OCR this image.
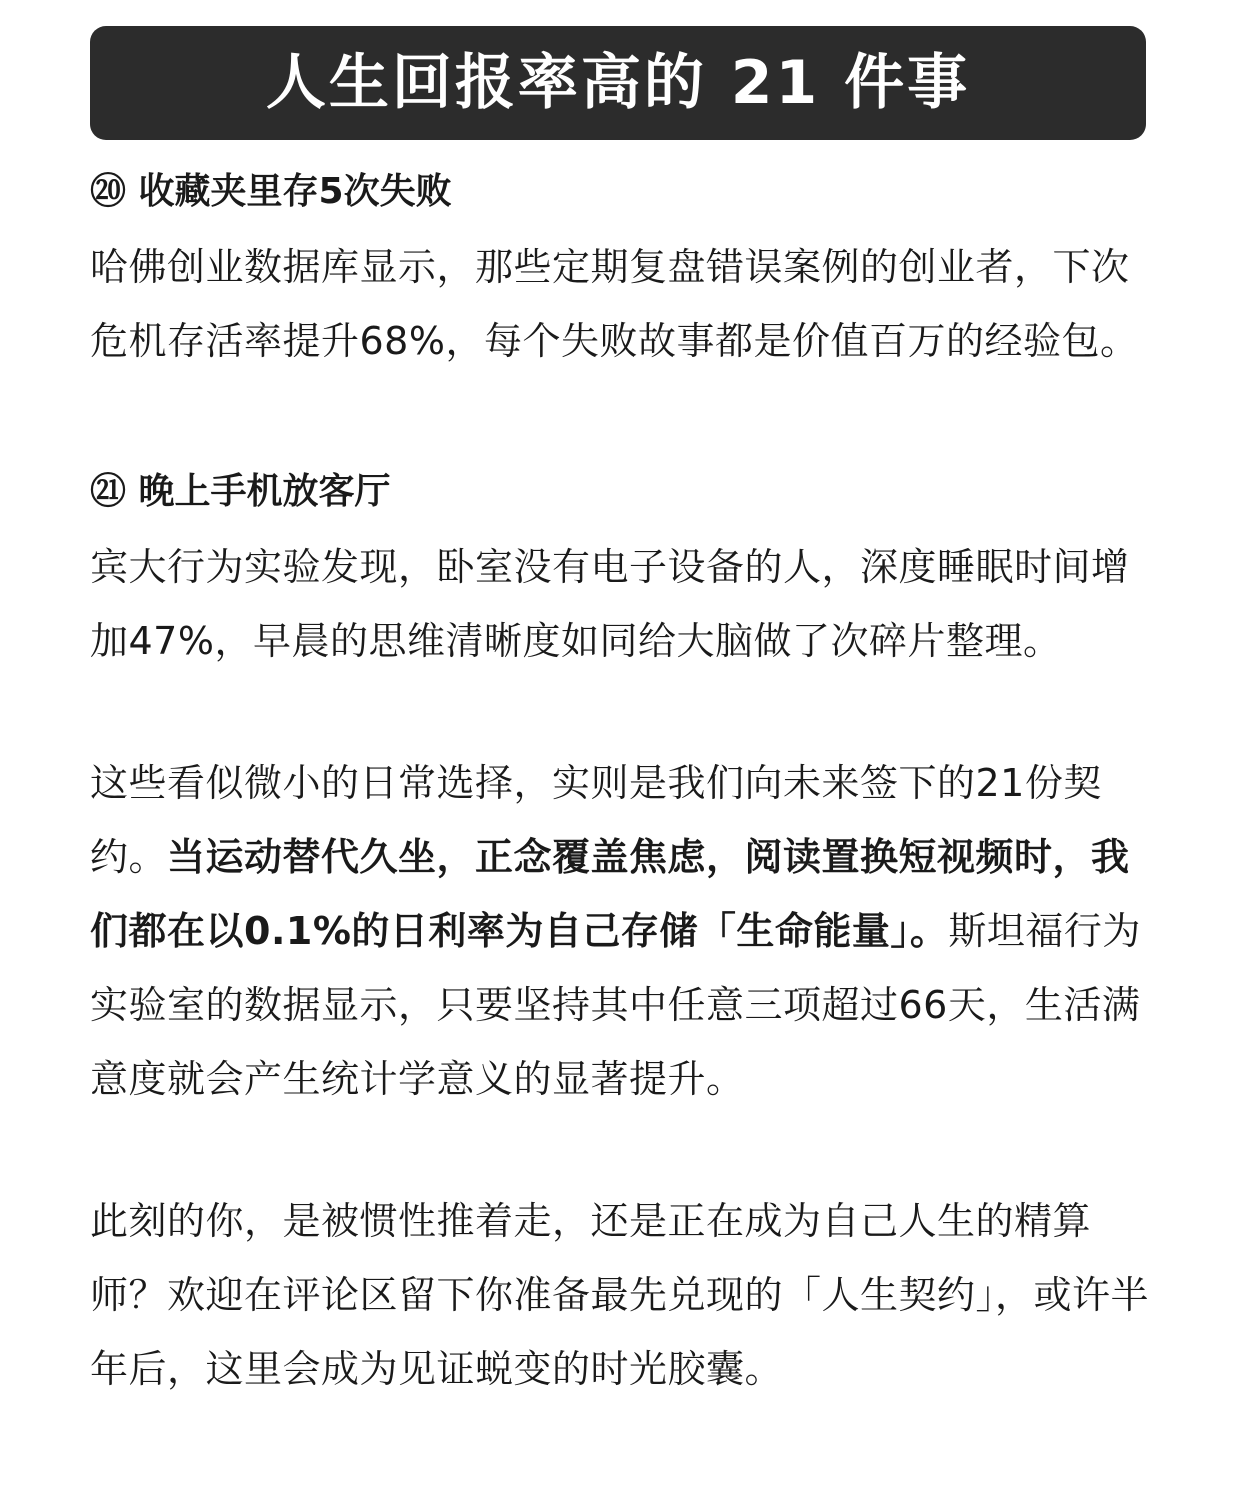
人生回报率高的 21 件事

⑳ 收藏夹里存5次失败

哈佛创业数据库显示，那些定期复盘错误案例的创业者，下次危机存活率提升68%，每个失败故事都是价值百万的经验包。

㉑ 晚上手机放客厅

宾大行为实验发现，卧室没有电子设备的人，深度睡眠时间增加47%，早晨的思维清晰度如同给大脑做了次碎片整理。

这些看似微小的日常选择，实则是我们向未来签下的21份契约。当运动替代久坐，正念覆盖焦虑，阅读置换短视频时，我们都在以0.1%的日利率为自己存储「生命能量」。斯坦福行为实验室的数据显示，只要坚持其中任意三项超过66天，生活满意度就会产生统计学意义的显著提升。

此刻的你，是被惯性推着走，还是正在成为自己人生的精算师？欢迎在评论区留下你准备最先兑现的「人生契约」，或许半年后，这里会成为见证蜕变的时光胶囊。
